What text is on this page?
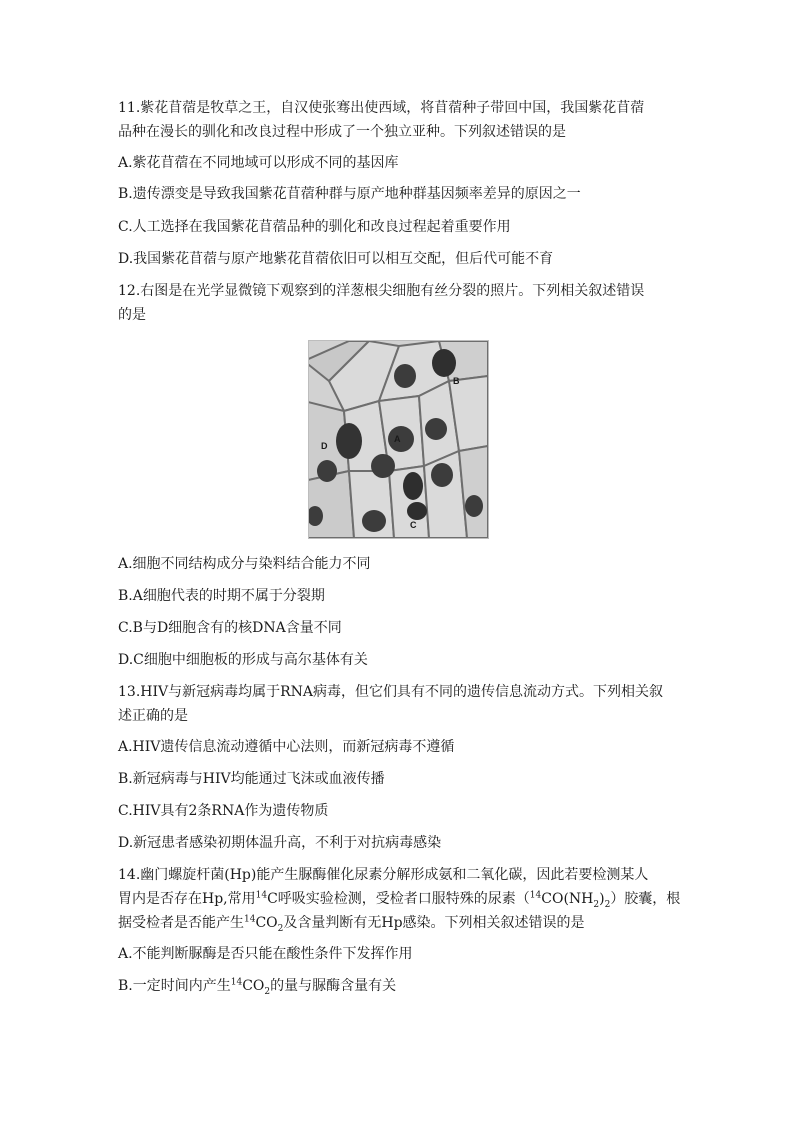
11.紫花苜蓿是牧草之王，自汉使张骞出使西域，将苜蓿种子带回中国，我国紫花苜蓿
品种在漫长的驯化和改良过程中形成了一个独立亚种。下列叙述错误的是
A.紫花苜蓿在不同地域可以形成不同的基因库
B.遗传漂变是导致我国紫花苜蓿种群与原产地种群基因频率差异的原因之一
C.人工选择在我国紫花苜蓿品种的驯化和改良过程起着重要作用
D.我国紫花苜蓿与原产地紫花苜蓿依旧可以相互交配，但后代可能不育
12.右图是在光学显微镜下观察到的洋葱根尖细胞有丝分裂的照片。下列相关叙述错误
的是
A
B
C
D
A.细胞不同结构成分与染料结合能力不同
B.A细胞代表的时期不属于分裂期
C.B与D细胞含有的核DNA含量不同
D.C细胞中细胞板的形成与高尔基体有关
13.HIV与新冠病毒均属于RNA病毒，但它们具有不同的遗传信息流动方式。下列相关叙
述正确的是
A.HIV遗传信息流动遵循中心法则，而新冠病毒不遵循
B.新冠病毒与HIV均能通过飞沫或血液传播
C.HIV具有2条RNA作为遗传物质
D.新冠患者感染初期体温升高，不利于对抗病毒感染
14.幽门螺旋杆菌(Hp)能产生脲酶催化尿素分解形成氨和二氧化碳，因此若要检测某人
胃内是否存在Hp,常用$^{14}$C呼吸实验检测，受检者口服特殊的尿素$(^{14}CO(NH_2)_2)$胶囊，根
据受检者是否能产生$^{14}CO_2$及含量判断有无Hp感染。下列相关叙述错误的是
A.不能判断脲酶是否只能在酸性条件下发挥作用
B.一定时间内产生$^{14}CO_2$的量与脲酶含量有关
